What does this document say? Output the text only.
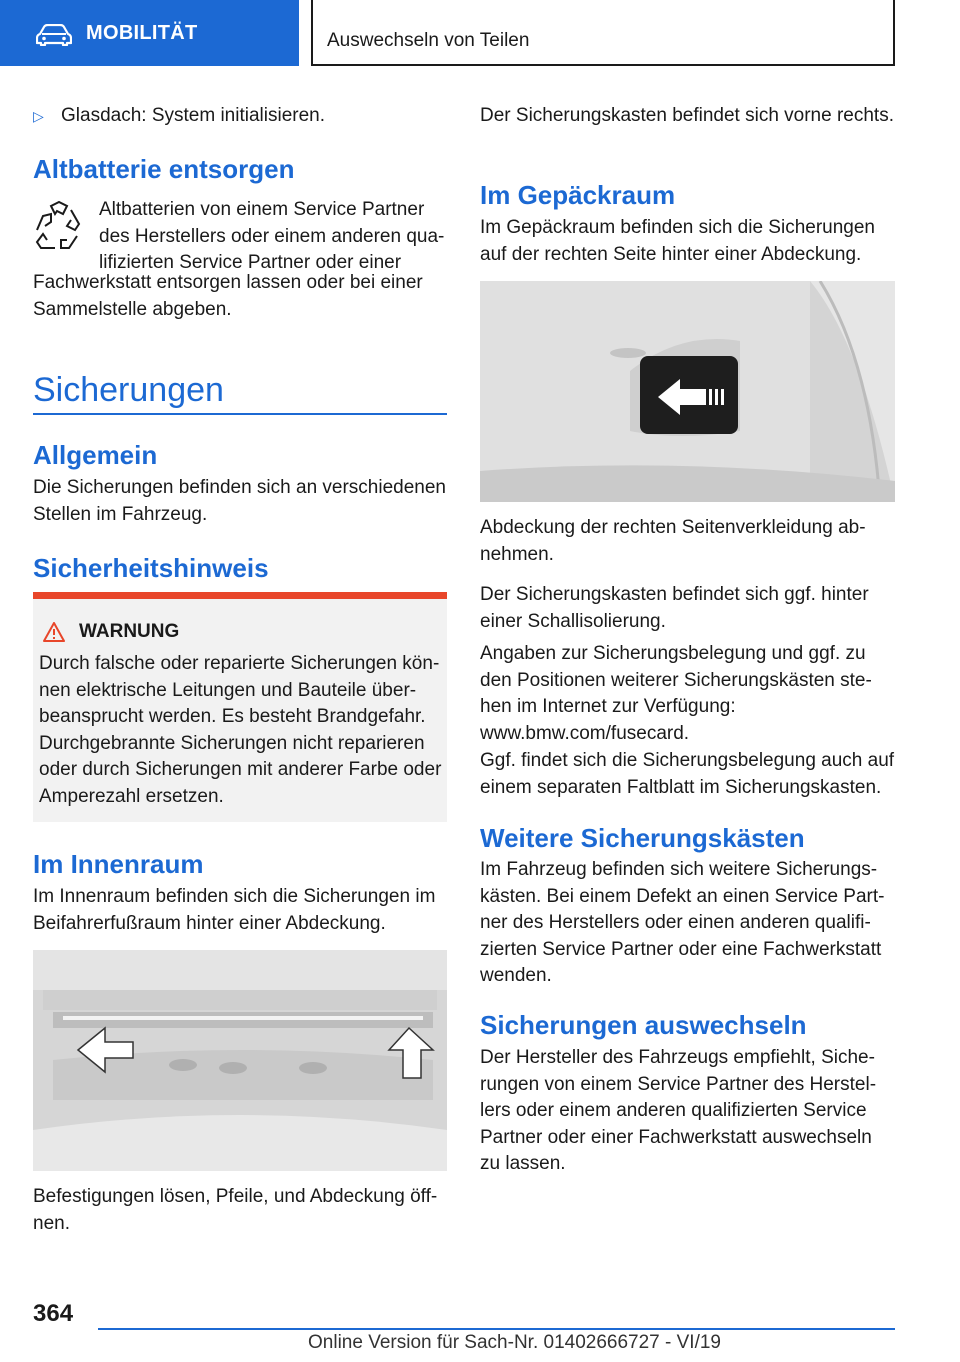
MOBILITÄT	Auswechseln von Teilen
▷ Glasdach: System initialisieren.
Altbatterie entsorgen

Altbatterien von einem Service Partner des Herstellers oder einem anderen qua‐lifizierten Service Partner oder einer

Fachwerkstatt entsorgen lassen oder bei einer Sammelstelle abgeben.

Sicherungen
Allgemein

Die Sicherungen befinden sich an verschiedenen Stellen im Fahrzeug.

Sicherheitshinweis
WARNUNG
Durch falsche oder reparierte Sicherungen kön‐nen elektrische Leitungen und Bauteile über‐beansprucht werden. Es besteht Brandgefahr. Durchgebrannte Sicherungen nicht reparieren oder durch Sicherungen mit anderer Farbe oder Amperezahl ersetzen.
Im Innenraum

Im Innenraum befinden sich die Sicherungen im Beifahrerfußraum hinter einer Abdeckung.

Befestigungen lösen, Pfeile, und Abdeckung öff‐nen.

Der Sicherungskasten befindet sich vorne rechts.

Im Gepäckraum

Im Gepäckraum befinden sich die Sicherungen auf der rechten Seite hinter einer Abdeckung.

Abdeckung der rechten Seitenverkleidung ab‐nehmen.

Der Sicherungskasten befindet sich ggf. hinter einer Schallisolierung.

Angaben zur Sicherungsbelegung und ggf. zu den Positionen weiterer Sicherungskästen ste‐hen im Internet zur Verfügung: www.bmw.com/fusecard.

Ggf. findet sich die Sicherungsbelegung auch auf einem separaten Faltblatt im Sicherungskasten.

Weitere Sicherungskästen

Im Fahrzeug befinden sich weitere Sicherungs‐kästen. Bei einem Defekt an einen Service Part‐ner des Herstellers oder einen anderen qualifi‐zierten Service Partner oder eine Fachwerkstatt wenden.

Sicherungen auswechseln

Der Hersteller des Fahrzeugs empfiehlt, Siche‐rungen von einem Service Partner des Herstel‐lers oder einem anderen qualifizierten Service Partner oder einer Fachwerkstatt auswechseln zu lassen.

364
Online Version für Sach-Nr. 01402666727 - VI/19
